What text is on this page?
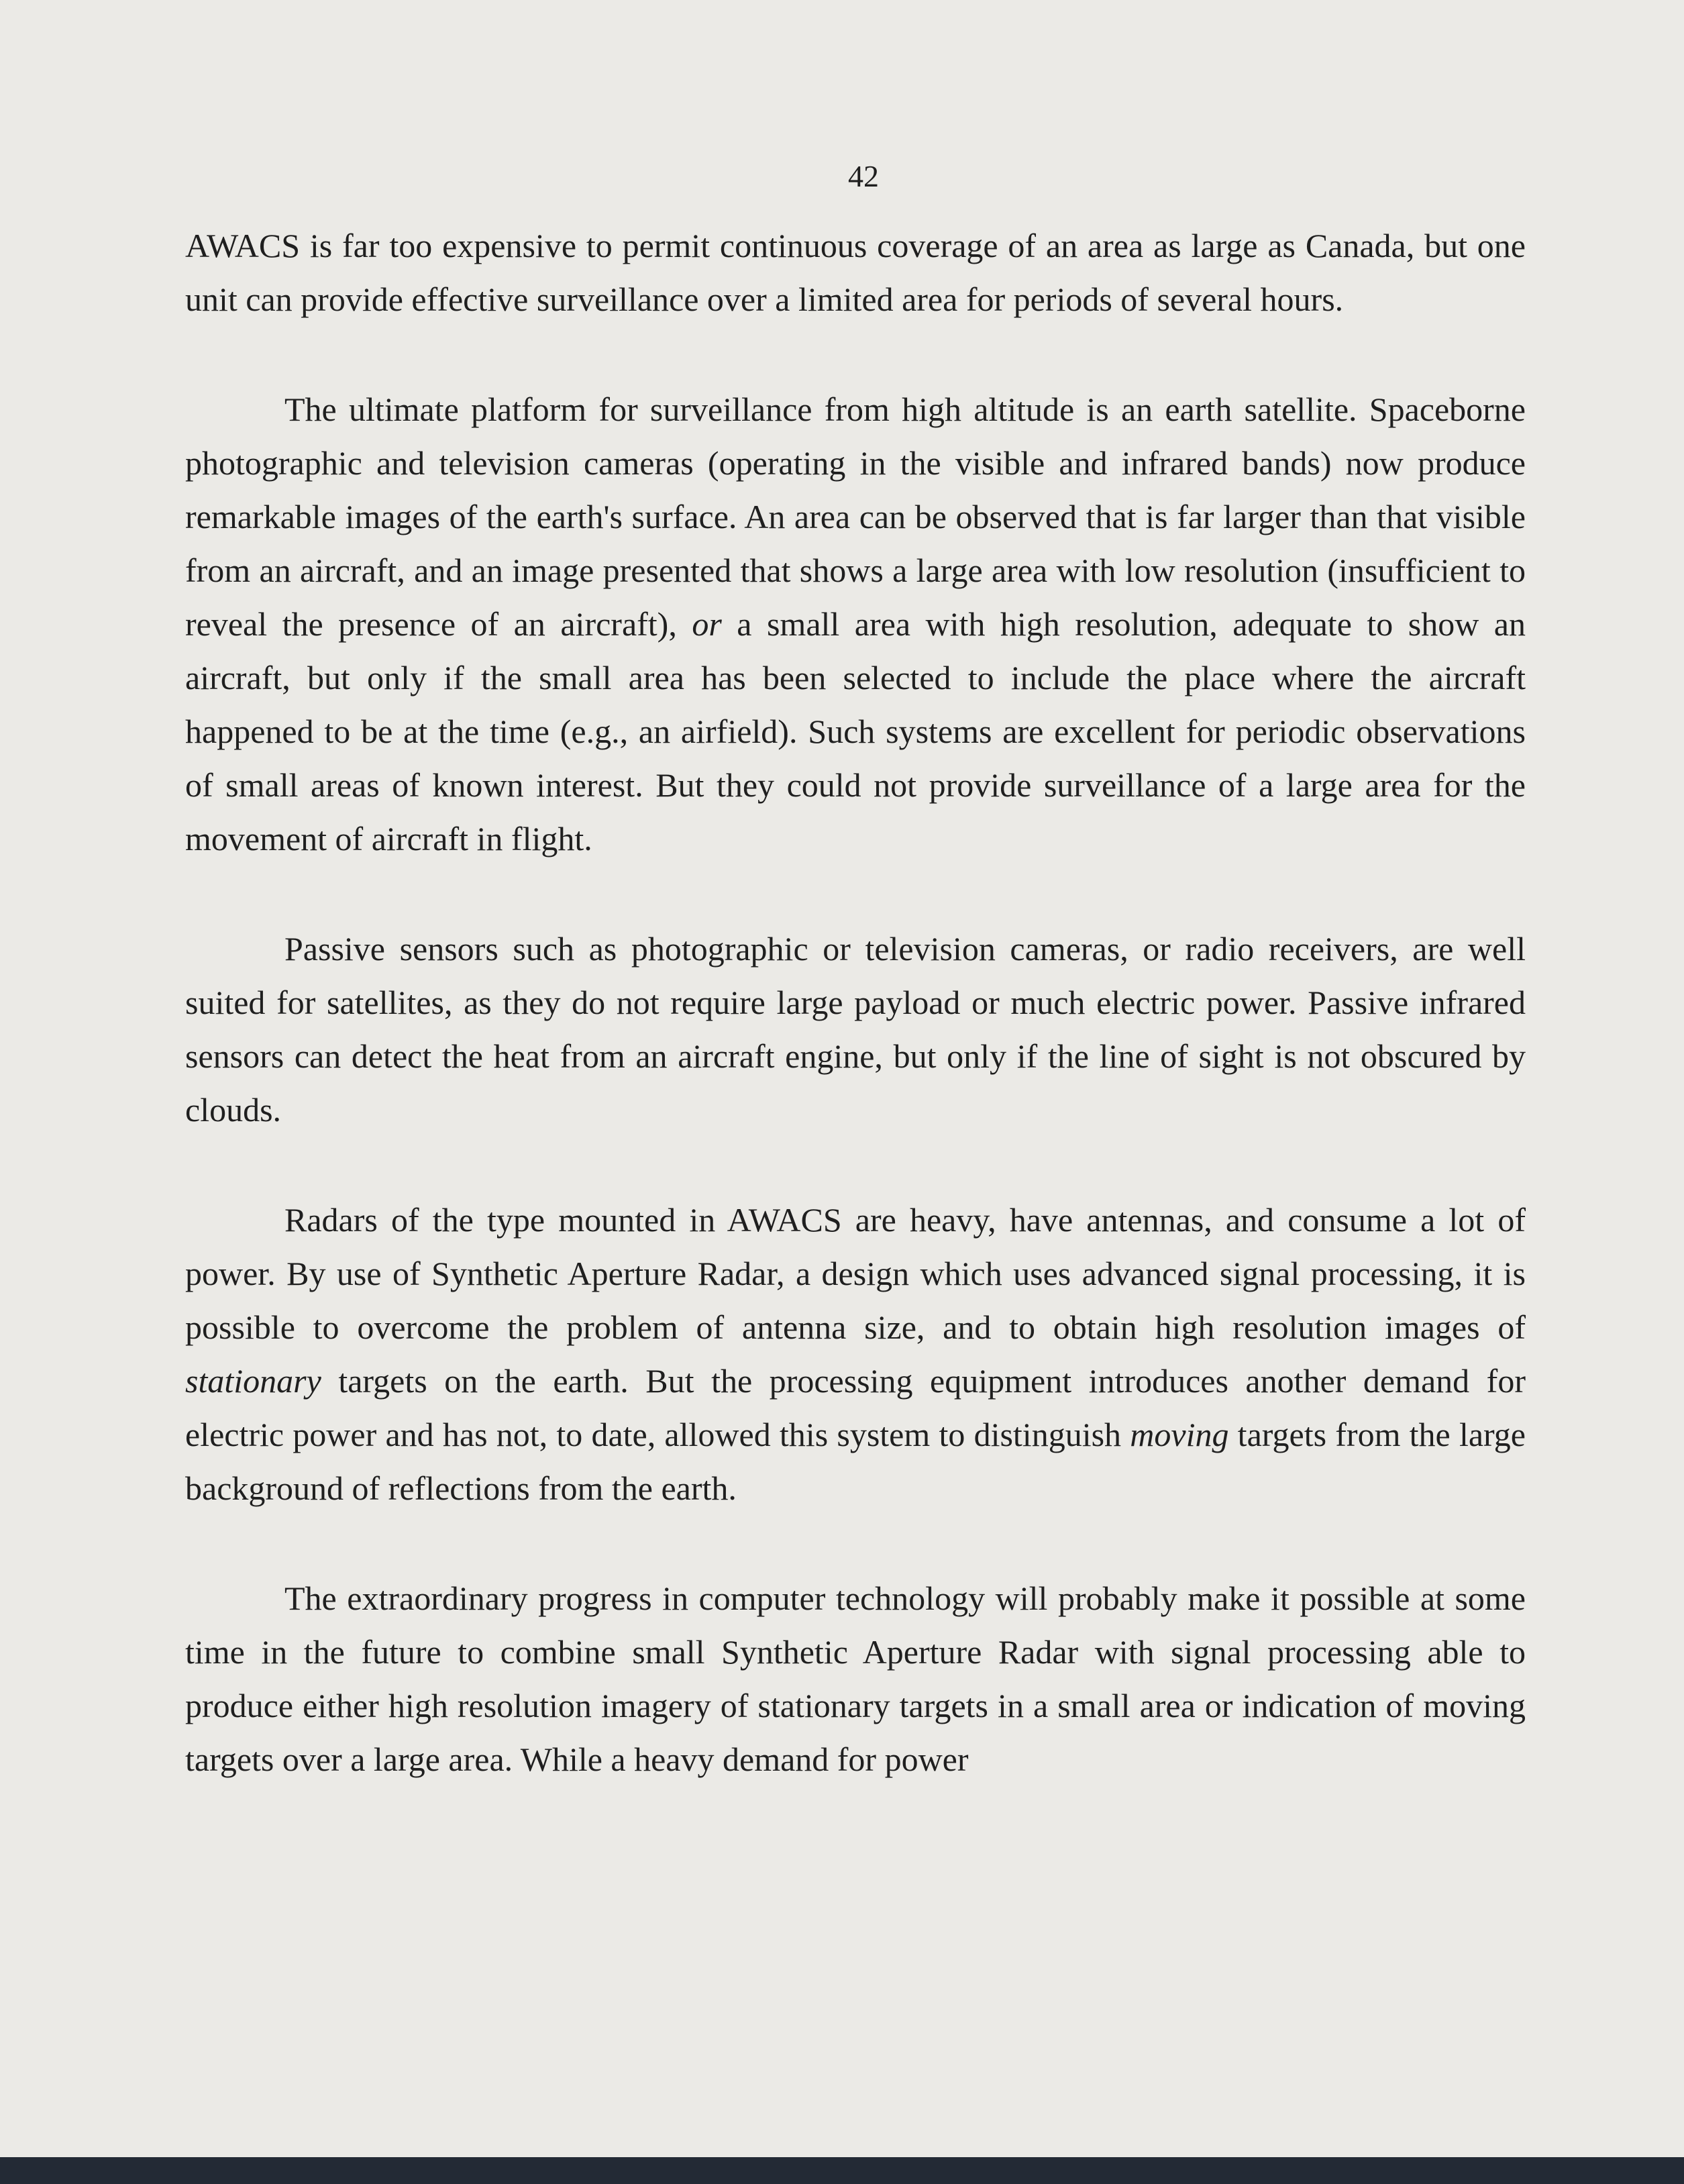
42

AWACS is far too expensive to permit continuous coverage of an area as large as Canada, but one unit can provide effective surveillance over a limited area for periods of several hours.

The ultimate platform for surveillance from high altitude is an earth satellite. Spaceborne photographic and television cameras (operating in the visible and infrared bands) now produce remarkable images of the earth's surface. An area can be observed that is far larger than that visible from an aircraft, and an image presented that shows a large area with low resolution (insufficient to reveal the presence of an aircraft), or a small area with high resolution, adequate to show an aircraft, but only if the small area has been selected to include the place where the aircraft happened to be at the time (e.g., an airfield). Such systems are excellent for periodic observations of small areas of known interest. But they could not provide surveillance of a large area for the movement of aircraft in flight.

Passive sensors such as photographic or television cameras, or radio receivers, are well suited for satellites, as they do not require large payload or much electric power. Passive infrared sensors can detect the heat from an aircraft engine, but only if the line of sight is not obscured by clouds.

Radars of the type mounted in AWACS are heavy, have antennas, and consume a lot of power. By use of Synthetic Aperture Radar, a design which uses advanced signal processing, it is possible to overcome the problem of antenna size, and to obtain high resolution images of stationary targets on the earth. But the processing equipment introduces another demand for electric power and has not, to date, allowed this system to distinguish moving targets from the large background of reflections from the earth.

The extraordinary progress in computer technology will probably make it possible at some time in the future to combine small Synthetic Aperture Radar with signal processing able to produce either high resolution imagery of stationary targets in a small area or indication of moving targets over a large area. While a heavy demand for power
